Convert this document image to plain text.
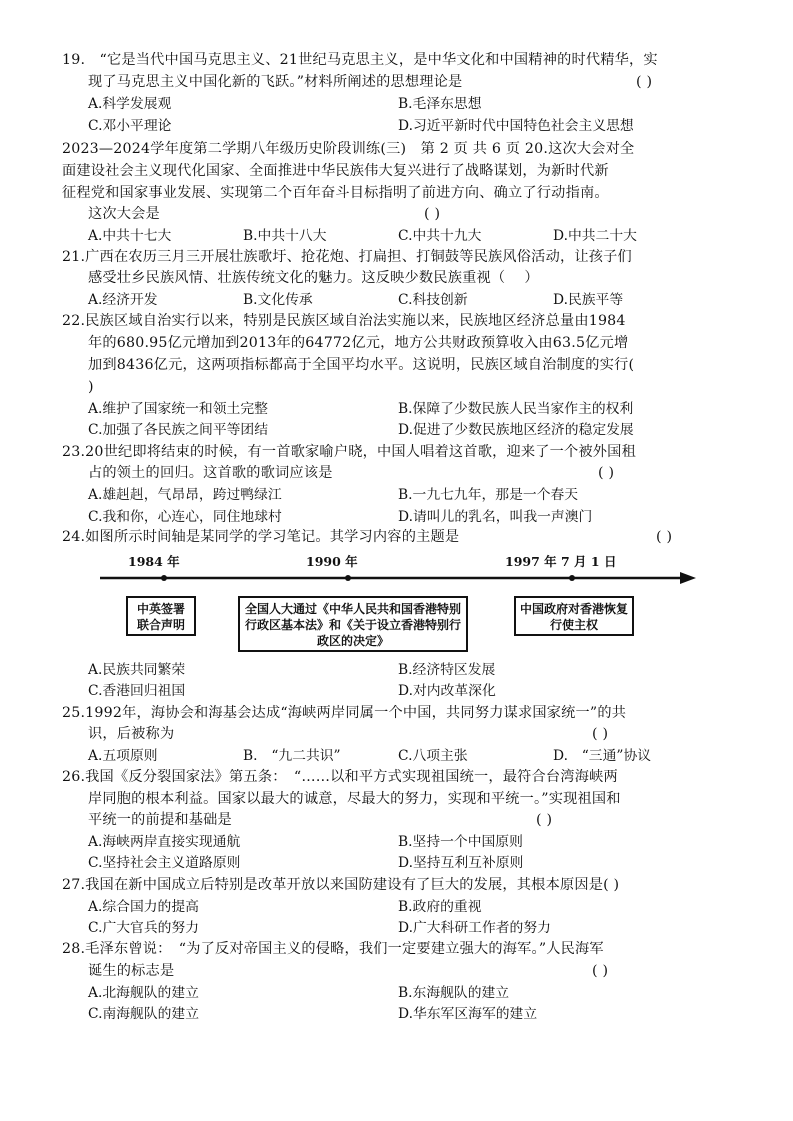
19.　“它是当代中国马克思主义、21世纪马克思主义，是中华文化和中国精神的时代精华，实
现了马克思主义中国化新的飞跃。”材料所阐述的思想理论是	( )
A.科学发展观	B.毛泽东思想
C.邓小平理论	D.习近平新时代中国特色社会主义思想
2023—2024学年度第二学期八年级历史阶段训练(三)　第 2 页 共 6 页 20.这次大会对全
面建设社会主义现代化国家、全面推进中华民族伟大复兴进行了战略谋划，为新时代新
征程党和国家事业发展、实现第二个百年奋斗目标指明了前进方向、确立了行动指南。
这次大会是	( )
A.中共十七大	B.中共十八大	C.中共十九大	D.中共二十大
21.广西在农历三月三开展壮族歌圩、抢花炮、打扁担、打铜鼓等民族风俗活动，让孩子们
感受壮乡民族风情、壮族传统文化的魅力。这反映少数民族重视（　 ）
A.经济开发	B.文化传承	C.科技创新	D.民族平等
22.民族区域自治实行以来，特别是民族区域自治法实施以来，民族地区经济总量由1984
年的680.95亿元增加到2013年的64772亿元，地方公共财政预算收入由63.5亿元增
加到8436亿元，这两项指标都高于全国平均水平。这说明，民族区域自治制度的实行(
)
A.维护了国家统一和领土完整	B.保障了少数民族人民当家作主的权利
C.加强了各民族之间平等团结	D.促进了少数民族地区经济的稳定发展
23.20世纪即将结束的时候，有一首歌家喻户晓，中国人唱着这首歌，迎来了一个被外国租
占的领土的回归。这首歌的歌词应该是	( )
A.雄赳赳，气昂昂，跨过鸭绿江	B.一九七九年，那是一个春天
C.我和你，心连心，同住地球村	D.请叫儿的乳名，叫我一声澳门
24.如图所示时间轴是某同学的学习笔记。其学习内容的主题是	( )
1984 年	1990 年	1997 年 7 月 1 日
中英签署联合声明
全国人大通过《中华人民共和国香港特别行政区基本法》和《关于设立香港特别行政区的决定》
中国政府对香港恢复行使主权
A.民族共同繁荣	B.经济特区发展
C.香港回归祖国	D.对内改革深化
25.1992年，海协会和海基会达成“海峡两岸同属一个中国，共同努力谋求国家统一”的共
识，后被称为	( )
A.五项原则	B.　“九二共识”	C.八项主张	D.　“三通”协议
26.我国《反分裂国家法》第五条：　“……以和平方式实现祖国统一，最符合台湾海峡两
岸同胞的根本利益。国家以最大的诚意，尽最大的努力，实现和平统一。”实现祖国和
平统一的前提和基础是	( )
A.海峡两岸直接实现通航	B.坚持一个中国原则
C.坚持社会主义道路原则	D.坚持互利互补原则
27.我国在新中国成立后特别是改革开放以来国防建设有了巨大的发展，其根本原因是( )
A.综合国力的提高	B.政府的重视
C.广大官兵的努力	D.广大科研工作者的努力
28.毛泽东曾说：　“为了反对帝国主义的侵略，我们一定要建立强大的海军。”人民海军
诞生的标志是	( )
A.北海舰队的建立	B.东海舰队的建立
C.南海舰队的建立	D.华东军区海军的建立
